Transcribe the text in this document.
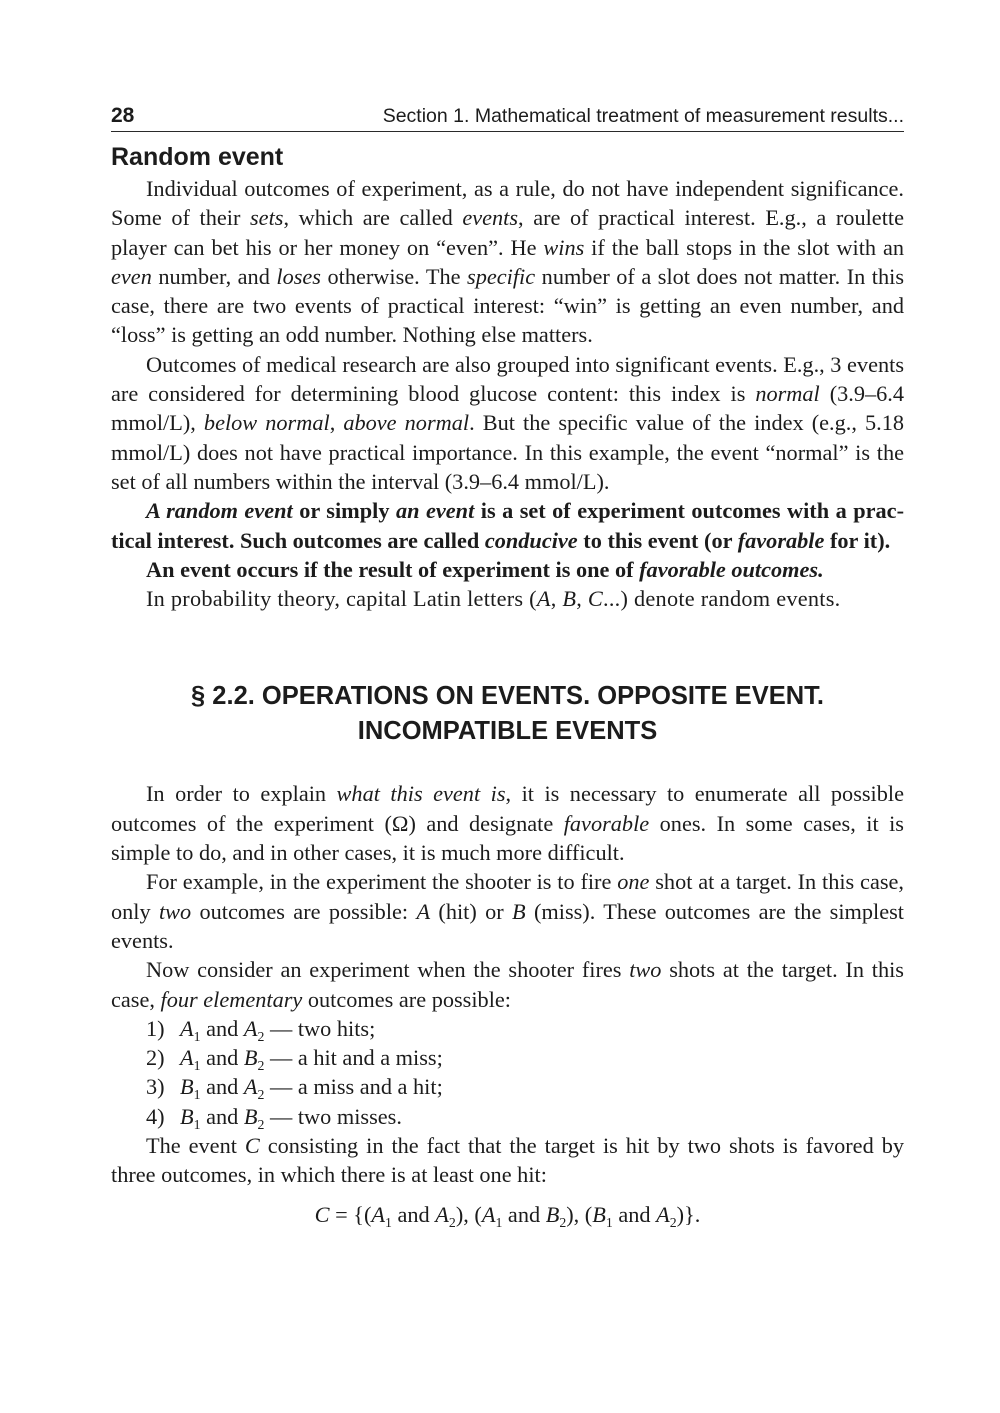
28	Section 1. Mathematical treatment of measurement results...
Random event

Individual outcomes of experiment, as a rule, do not have independent significance. Some of their sets, which are called events, are of practical interest. E.g., a roulette player can bet his or her money on “even”. He wins if the ball stops in the slot with an even number, and loses otherwise. The specific number of a slot does not matter. In this case, there are two events of practical interest: “win” is getting an even number, and “loss” is getting an odd number. Nothing else matters.

Outcomes of medical research are also grouped into significant events. E.g., 3 events are considered for determining blood glucose content: this index is normal (3.9–6.4 mmol/L), below normal, above normal. But the specific value of the index (e.g., 5.18 mmol/L) does not have practical importance. In this example, the event “normal” is the set of all numbers within the interval (3.9–6.4 mmol/L).

A random event or simply an event is a set of experiment outcomes with a practical interest. Such outcomes are called conducive to this event (or favorable for it).

An event occurs if the result of experiment is one of favorable outcomes.

In probability theory, capital Latin letters (A, B, C...) denote random events.

§ 2.2. OPERATIONS ON EVENTS. OPPOSITE EVENT.
INCOMPATIBLE EVENTS

In order to explain what this event is, it is necessary to enumerate all possible outcomes of the experiment (Ω) and designate favorable ones. In some cases, it is simple to do, and in other cases, it is much more difficult.

For example, in the experiment the shooter is to fire one shot at a target. In this case, only two outcomes are possible: A (hit) or B (miss). These outcomes are the simplest events.

Now consider an experiment when the shooter fires two shots at the target. In this case, four elementary outcomes are possible:

1) $A_1$ and $A_2$ — two hits;
2) $A_1$ and $B_2$ — a hit and a miss;
3) $B_1$ and $A_2$ — a miss and a hit;
4) $B_1$ and $B_2$ — two misses.

The event C consisting in the fact that the target is hit by two shots is favored by three outcomes, in which there is at least one hit:

$C = \{(A_1$ and $A_2$), ($A_1$ and $B_2$), ($B_1$ and $A_2$)}.
